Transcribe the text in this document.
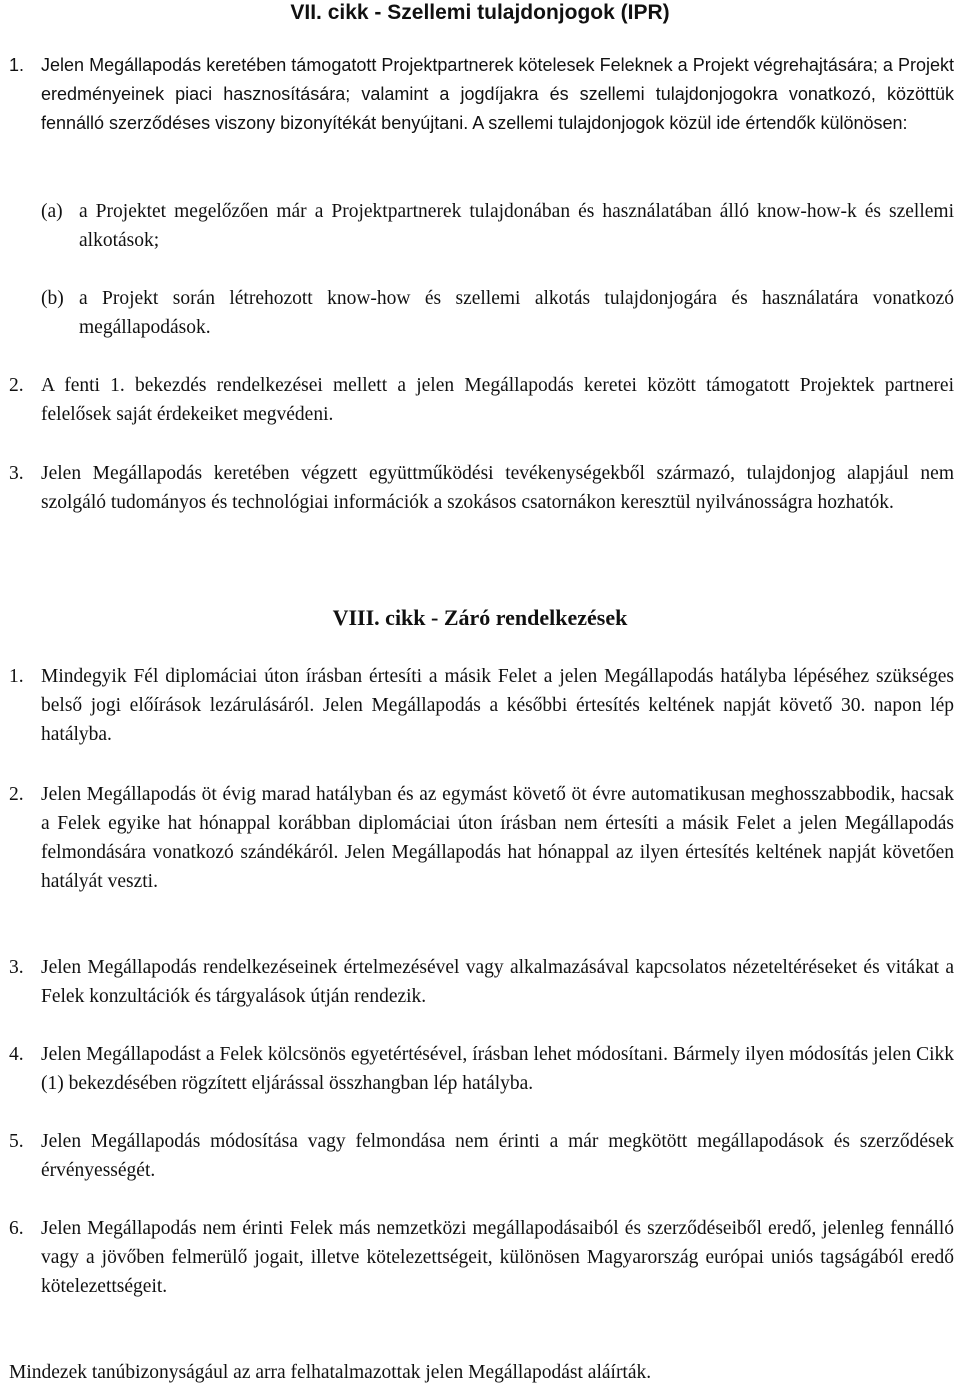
VII. cikk - Szellemi tulajdonjogok (IPR)
1. Jelen Megállapodás keretében támogatott Projektpartnerek kötelesek Feleknek a Projekt végrehajtására; a Projekt eredményeinek piaci hasznosítására; valamint a jogdíjakra és szellemi tulajdonjogokra vonatkozó, közöttük fennálló szerződéses viszony bizonyítékát benyújtani. A szellemi tulajdonjogok közül ide értendők különösen:
(a) a Projektet megelőzően már a Projektpartnerek tulajdonában és használatában álló know-how-k és szellemi alkotások;
(b) a Projekt során létrehozott know-how és szellemi alkotás tulajdonjogára és használatára vonatkozó megállapodások.
2. A fenti 1. bekezdés rendelkezései mellett a jelen Megállapodás keretei között támogatott Projektek partnerei felelősek saját érdekeiket megvédeni.
3. Jelen Megállapodás keretében végzett együttműködési tevékenységekből származó, tulajdonjog alapjául nem szolgáló tudományos és technológiai információk a szokásos csatornákon keresztül nyilvánosságra hozhatók.
VIII. cikk - Záró rendelkezések
1. Mindegyik Fél diplomáciai úton írásban értesíti a másik Felet a jelen Megállapodás hatályba lépéséhez szükséges belső jogi előírások lezárulásáról. Jelen Megállapodás a későbbi értesítés keltének napját követő 30. napon lép hatályba.
2. Jelen Megállapodás öt évig marad hatályban és az egymást követő öt évre automatikusan meghosszabbodik, hacsak a Felek egyike hat hónappal korábban diplomáciai úton írásban nem értesíti a másik Felet a jelen Megállapodás felmondására vonatkozó szándékáról. Jelen Megállapodás hat hónappal az ilyen értesítés keltének napját követően hatályát veszti.
3. Jelen Megállapodás rendelkezéseinek értelmezésével vagy alkalmazásával kapcsolatos nézeteltéréseket és vitákat a Felek konzultációk és tárgyalások útján rendezik.
4. Jelen Megállapodást a Felek kölcsönös egyetértésével, írásban lehet módosítani. Bármely ilyen módosítás jelen Cikk (1) bekezdésében rögzített eljárással összhangban lép hatályba.
5. Jelen Megállapodás módosítása vagy felmondása nem érinti a már megkötött megállapodások és szerződések érvényességét.
6. Jelen Megállapodás nem érinti Felek más nemzetközi megállapodásaiból és szerződéseiből eredő, jelenleg fennálló vagy a jövőben felmerülő jogait, illetve kötelezettségeit, különösen Magyarország európai uniós tagságából eredő kötelezettségeit.
Mindezek tanúbizonyságául az arra felhatalmazottak jelen Megállapodást aláírták.
